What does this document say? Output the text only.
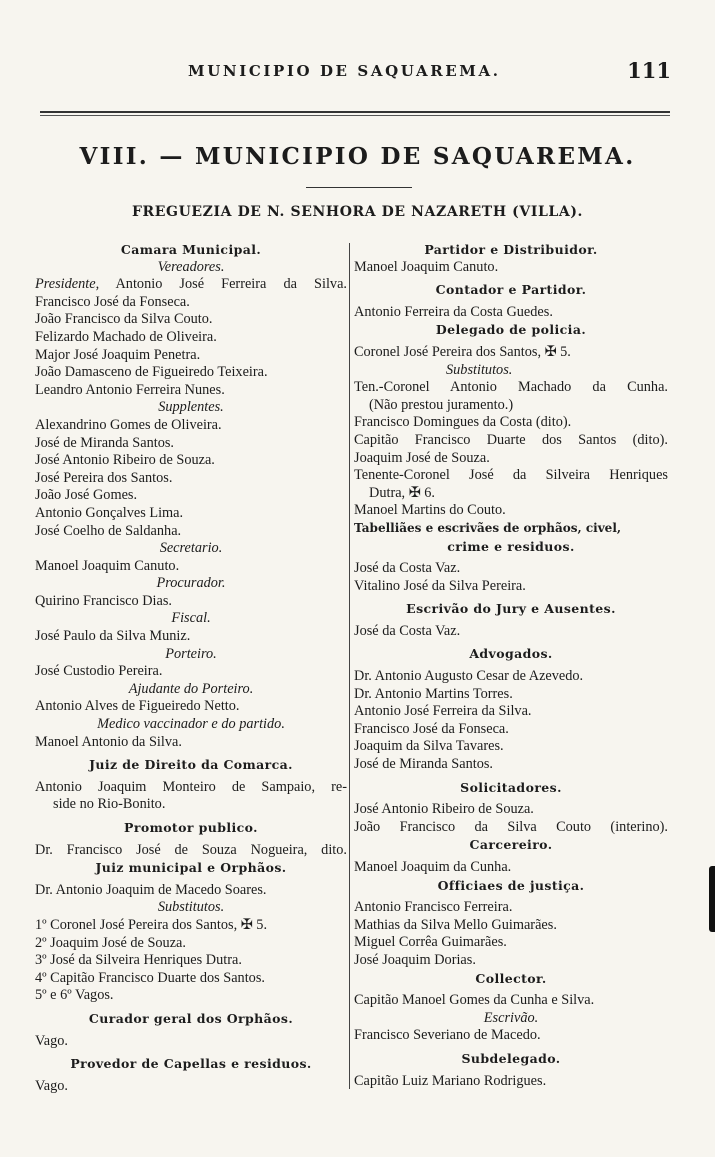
MUNICIPIO DE SAQUAREMA.	111
VIII. — MUNICIPIO DE SAQUAREMA.
FREGUEZIA DE N. SENHORA DE NAZARETH (VILLA).
Camara Municipal.
Vereadores.
Presidente, Antonio José Ferreira da Silva.
Francisco José da Fonseca.
João Francisco da Silva Couto.
Felizardo Machado de Oliveira.
Major José Joaquim Penetra.
João Damasceno de Figueiredo Teixeira.
Leandro Antonio Ferreira Nunes.
Supplentes.
Alexandrino Gomes de Oliveira.
José de Miranda Santos.
José Antonio Ribeiro de Souza.
José Pereira dos Santos.
João José Gomes.
Antonio Gonçalves Lima.
José Coelho de Saldanha.
Secretario.
Manoel Joaquim Canuto.
Procurador.
Quirino Francisco Dias.
Fiscal.
José Paulo da Silva Muniz.
Porteiro.
José Custodio Pereira.
Ajudante do Porteiro.
Antonio Alves de Figueiredo Netto.
Medico vaccinador e do partido.
Manoel Antonio da Silva.
Juiz de Direito da Comarca.
Antonio Joaquim Monteiro de Sampaio, re-
side no Rio-Bonito.
Promotor publico.
Dr. Francisco José de Souza Nogueira, dito.
Juiz municipal e Orphãos.
Dr. Antonio Joaquim de Macedo Soares.
Substitutos.
1º Coronel José Pereira dos Santos, ✠ 5.
2º Joaquim José de Souza.
3º José da Silveira Henriques Dutra.
4º Capitão Francisco Duarte dos Santos.
5º e 6º Vagos.
Curador geral dos Orphãos.
Vago.
Provedor de Capellas e residuos.
Vago.
Partidor e Distribuidor.
Manoel Joaquim Canuto.
Contador e Partidor.
Antonio Ferreira da Costa Guedes.
Delegado de policia.
Coronel José Pereira dos Santos, ✠ 5.
Substitutos.
Ten.-Coronel Antonio Machado da Cunha.
(Não prestou juramento.)
Francisco Domingues da Costa (dito).
Capitão Francisco Duarte dos Santos (dito).
Joaquim José de Souza.
Tenente-Coronel José da Silveira Henriques
Dutra, ✠ 6.
Manoel Martins do Couto.
Tabelliães e escrivães de orphãos, civel,
crime e residuos.
José da Costa Vaz.
Vitalino José da Silva Pereira.
Escrivão do Jury e Ausentes.
José da Costa Vaz.
Advogados.
Dr. Antonio Augusto Cesar de Azevedo.
Dr. Antonio Martins Torres.
Antonio José Ferreira da Silva.
Francisco José da Fonseca.
Joaquim da Silva Tavares.
José de Miranda Santos.
Solicitadores.
José Antonio Ribeiro de Souza.
João Francisco da Silva Couto (interino).
Carcereiro.
Manoel Joaquim da Cunha.
Officiaes de justiça.
Antonio Francisco Ferreira.
Mathias da Silva Mello Guimarães.
Miguel Corrêa Guimarães.
José Joaquim Dorias.
Collector.
Capitão Manoel Gomes da Cunha e Silva.
Escrivão.
Francisco Severiano de Macedo.
Subdelegado.
Capitão Luiz Mariano Rodrigues.
